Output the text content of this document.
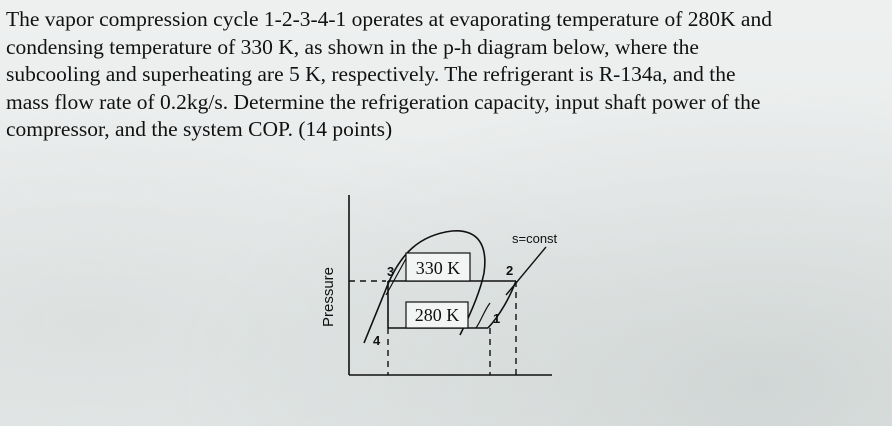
The vapor compression cycle 1-2-3-4-1 operates at evaporating temperature of 280K and
condensing temperature of 330 K, as shown in the p-h diagram below, where the
subcooling and superheating are 5 K, respectively. The refrigerant is R-134a, and the
mass flow rate of 0.2kg/s. Determine the refrigeration capacity, input shaft power of the
compressor, and the system COP. (14 points)
Pressure
s=const
330 K
280 K	1
2
3
4
